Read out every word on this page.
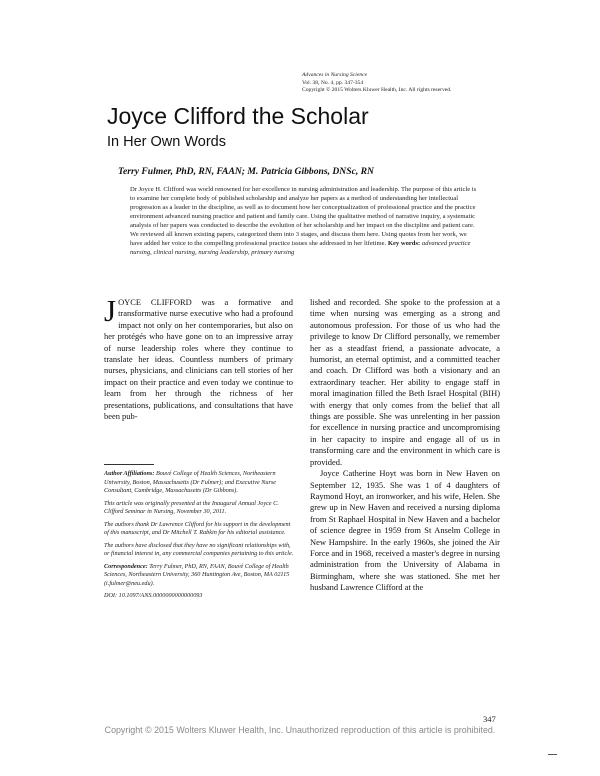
Advances in Nursing Science
Vol. 38, No. 4, pp. 347-354
Copyright © 2015 Wolters Kluwer Health, Inc. All rights reserved.
Joyce Clifford the Scholar
In Her Own Words
Terry Fulmer, PhD, RN, FAAN; M. Patricia Gibbons, DNSc, RN

Dr Joyce H. Clifford was world renowned for her excellence in nursing administration and leadership. The purpose of this article is to examine her complete body of published scholarship and analyze her papers as a method of understanding her intellectual progression as a leader in the discipline, as well as to document how her conceptualization of professional practice and the practice environment advanced nursing practice and patient and family care. Using the qualitative method of narrative inquiry, a systematic analysis of her papers was conducted to describe the evolution of her scholarship and her impact on the discipline and patient care. We reviewed all known existing papers, categorized them into 3 stages, and discuss them here. Using quotes from her work, we have added her voice to the compelling professional practice issues she addressed in her lifetime. Key words: advanced practice nursing, clinical nursing, nursing leadership, primary nursing

JOYCE CLIFFORD was a formative and transformative nurse executive who had a profound impact not only on her contemporaries, but also on her protégés who have gone on to an impressive array of nurse leadership roles where they continue to translate her ideas. Countless numbers of primary nurses, physicians, and clinicians can tell stories of her impact on their practice and even today we continue to learn from her through the richness of her presentations, publications, and consultations that have been pub-

Author Affiliations: Bouvé College of Health Sciences, Northeastern University, Boston, Massachusetts (Dr Fulmer); and Executive Nurse Consultant, Cambridge, Massachusetts (Dr Gibbons).

This article was originally presented at the Inaugural Annual Joyce C. Clifford Seminar in Nursing, November 30, 2011.

The authors thank Dr Lawrence Clifford for his support in the development of this manuscript, and Dr Mitchell T. Rabkin for his editorial assistance.

The authors have disclosed that they have no significant relationships with, or financial interest in, any commercial companies pertaining to this article.

Correspondence: Terry Fulmer, PhD, RN, FAAN, Bouvé College of Health Sciences, Northeastern University, 360 Huntington Ave, Boston, MA 02115 (t.fulmer@neu.edu).

DOI: 10.1097/ANS.0000000000000093

lished and recorded. She spoke to the profession at a time when nursing was emerging as a strong and autonomous profession. For those of us who had the privilege to know Dr Clifford personally, we remember her as a steadfast friend, a passionate advocate, a humorist, an eternal optimist, and a committed teacher and coach. Dr Clifford was both a visionary and an extraordinary teacher. Her ability to engage staff in moral imagination filled the Beth Israel Hospital (BIH) with energy that only comes from the belief that all things are possible. She was unrelenting in her passion for excellence in nursing practice and uncompromising in her capacity to inspire and engage all of us in transforming care and the environment in which care is provided.

Joyce Catherine Hoyt was born in New Haven on September 12, 1935. She was 1 of 4 daughters of Raymond Hoyt, an ironworker, and his wife, Helen. She grew up in New Haven and received a nursing diploma from St Raphael Hospital in New Haven and a bachelor of science degree in 1959 from St Anselm College in New Hampshire. In the early 1960s, she joined the Air Force and in 1968, received a master's degree in nursing administration from the University of Alabama in Birmingham, where she was stationed. She met her husband Lawrence Clifford at the

347
Copyright © 2015 Wolters Kluwer Health, Inc. Unauthorized reproduction of this article is prohibited.
